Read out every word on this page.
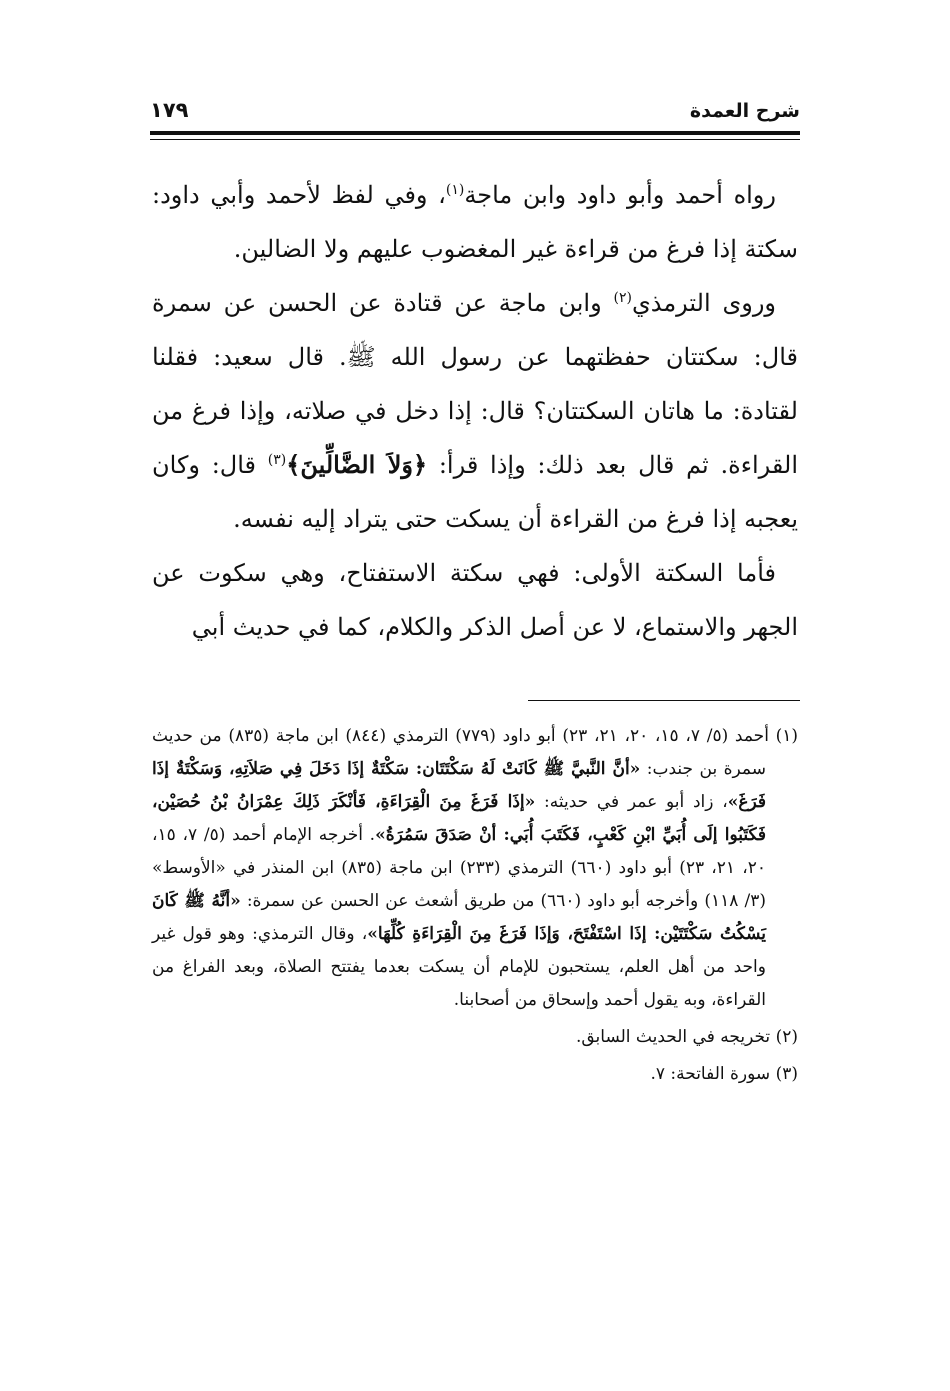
شرح العمدة
١٧٩

رواه أحمد وأبو داود وابن ماجة$^{(١)}$، وفي لفظ لأحمد وأبي داود: سكتة إذا فرغ من قراءة غير المغضوب عليهم ولا الضالين.

وروى الترمذي$^{(٢)}$ وابن ماجة عن قتادة عن الحسن عن سمرة قال: سكتتان حفظتهما عن رسول الله ﷺ. قال سعيد: فقلنا لقتادة: ما هاتان السكتتان؟ قال: إذا دخل في صلاته، وإذا فرغ من القراءة. ثم قال بعد ذلك: وإذا قرأ: ﴿وَلاَ الضَّالِّينَ﴾$^{(٣)}$ قال: وكان يعجبه إذا فرغ من القراءة أن يسكت حتى يتراد إليه نفسه.

فأما السكتة الأولى: فهي سكتة الاستفتاح، وهي سكوت عن الجهر والاستماع، لا عن أصل الذكر والكلام، كما في حديث أبي

(١) أحمد (٥/ ٧، ١٥، ٢٠، ٢١، ٢٣) أبو داود (٧٧٩) الترمذي (٨٤٤) ابن ماجة (٨٣٥) من حديث سمرة بن جندب: «أنَّ النَّبيَّ ﷺ كَانَتْ لَهُ سَكْتَتَان: سَكْتَةٌ إذَا دَخَلَ فِي صَلاَتِهِ، وَسَكْتَةٌ إذَا فَرَغَ»، زاد أبو عمر في حديثه: «إذَا فَرَغَ مِنَ الْقِرَاءَةِ، فَأنْكَرَ ذَلِكَ عِمْرَانُ بْنُ حُصَيْن، فَكَتَبُوا إلَى أُبَيِّ ابْنِ كَعْبٍ، فَكَتَبَ أُبَي: أنْ صَدَقَ سَمُرَةُ». أخرجه الإمام أحمد (٥/ ٧، ١٥، ٢٠، ٢١، ٢٣) أبو داود (٦٦٠) الترمذي (٢٣٣) ابن ماجة (٨٣٥) ابن المنذر في «الأوسط» (٣/ ١١٨) وأخرجه أبو داود (٦٦٠) من طريق أشعث عن الحسن عن سمرة: «أنَّهُ ﷺ كَانَ يَسْكُتُ سَكْتَتَيْن: إذَا اسْتَفْتَحَ، وَإذَا فَرَغَ مِنَ الْقِرَاءَةِ كُلِّهَا»، وقال الترمذي: وهو قول غير واحد من أهل العلم، يستحبون للإمام أن يسكت بعدما يفتتح الصلاة، وبعد الفراغ من القراءة، وبه يقول أحمد وإسحاق من أصحابنا.

(٢) تخريجه في الحديث السابق.

(٣) سورة الفاتحة: ٧.
